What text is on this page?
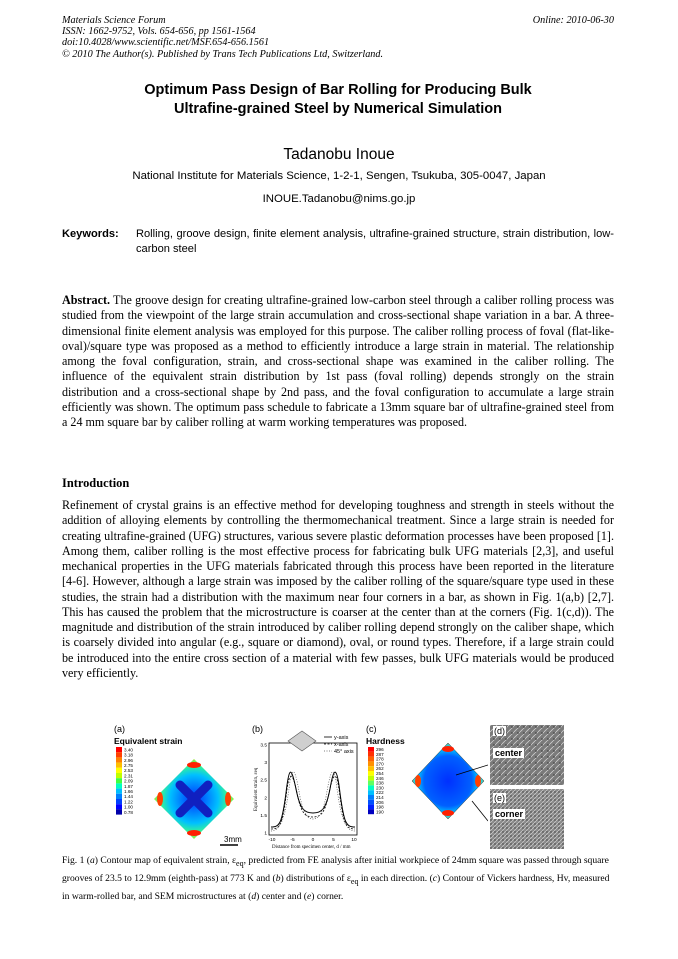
Materials Science Forum	Online: 2010-06-30
ISSN: 1662-9752, Vols. 654-656, pp 1561-1564
doi:10.4028/www.scientific.net/MSF.654-656.1561
© 2010 The Author(s). Published by Trans Tech Publications Ltd, Switzerland.
Optimum Pass Design of Bar Rolling for Producing Bulk
Ultrafine-grained Steel by Numerical Simulation
Tadanobu Inoue
National Institute for Materials Science, 1-2-1, Sengen, Tsukuba, 305-0047, Japan
INOUE.Tadanobu@nims.go.jp
Keywords:	Rolling, groove design, finite element analysis, ultrafine-grained structure, strain distribution, low-carbon steel
Abstract. The groove design for creating ultrafine-grained low-carbon steel through a caliber rolling process was studied from the viewpoint of the large strain accumulation and cross-sectional shape variation in a bar. A three-dimensional finite element analysis was employed for this purpose. The caliber rolling process of foval (flat-like-oval)/square type was proposed as a method to efficiently introduce a large strain in material. The relationship among the foval configuration, strain, and cross-sectional shape was examined in the caliber rolling. The influence of the equivalent strain distribution by 1st pass (foval rolling) depends strongly on the strain distribution and a cross-sectional shape by 2nd pass, and the foval configuration to accumulate a large strain efficiently was shown. The optimum pass schedule to fabricate a 13mm square bar of ultrafine-grained steel from a 24 mm square bar by caliber rolling at warm working temperatures was proposed.
Introduction
Refinement of crystal grains is an effective method for developing toughness and strength in steels without the addition of alloying elements by controlling the thermomechanical treatment. Since a large strain is needed for creating ultrafine-grained (UFG) structures, various severe plastic deformation processes have been proposed [1]. Among them, caliber rolling is the most effective process for fabricating bulk UFG materials [2,3], and useful mechanical properties in the UFG materials fabricated through this process have been reported in the literature [4-6]. However, although a large strain was imposed by the caliber rolling of the square/square type used in these studies, the strain had a distribution with the maximum near four corners in a bar, as shown in Fig. 1(a,b) [2,7]. This has caused the problem that the microstructure is coarser at the center than at the corners (Fig. 1(c,d)). The magnitude and distribution of the strain introduced by caliber rolling depend strongly on the caliber shape, which is coarsely divided into angular (e.g., square or diamond), oval, or round types. Therefore, if a large strain could be introduced into the entire cross section of a material with few passes, bulk UFG materials would be produced very efficiently.
3.40
3.18
2.96
2.75
2.53
2.31
2.09
1.87
1.66
1.44
1.22
1.00
0.78
(a)
Equivalent strain
3mm
3.5
3
2.5
2
1.5
1
-10	-5	0	5	10
y-axis
x-axis
45° axis
Equivalent strain, εeq
Distance from specimen center, d / mm
(b)
296
287
278
270
262
254
246
238
230
222
214
206
198
190
(c)
Hardness
(d)
center
(e)
corner
Fig. 1 (a) Contour map of equivalent strain, $\varepsilon_{eq}$, predicted from FE analysis after initial workpiece of 24mm square was passed through square grooves of 23.5 to 12.9mm (eighth-pass) at 773 K and (b) distributions of $\varepsilon_{eq}$ in each direction. (c) Contour of Vickers hardness, Hv, measured in warm-rolled bar, and SEM microstructures at (d) center and (e) corner.
